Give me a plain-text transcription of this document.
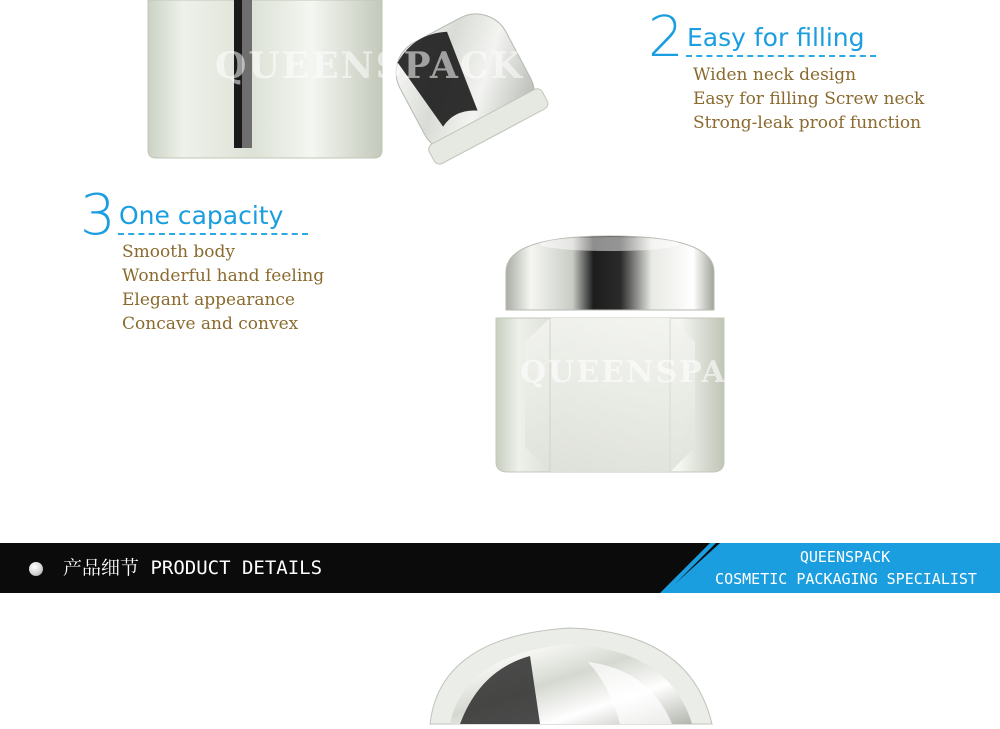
QUEENSPACK 2 Easy for filling
Widen neck design
Easy for filling Screw neck
Strong-leak proof function
3 One capacity
Smooth body
Wonderful hand feeling
Elegant appearance
Concave and convex
QUEENSPACK
产品细节 PRODUCT DETAILS	QUEENSPACK
COSMETIC PACKAGING SPECIALIST
